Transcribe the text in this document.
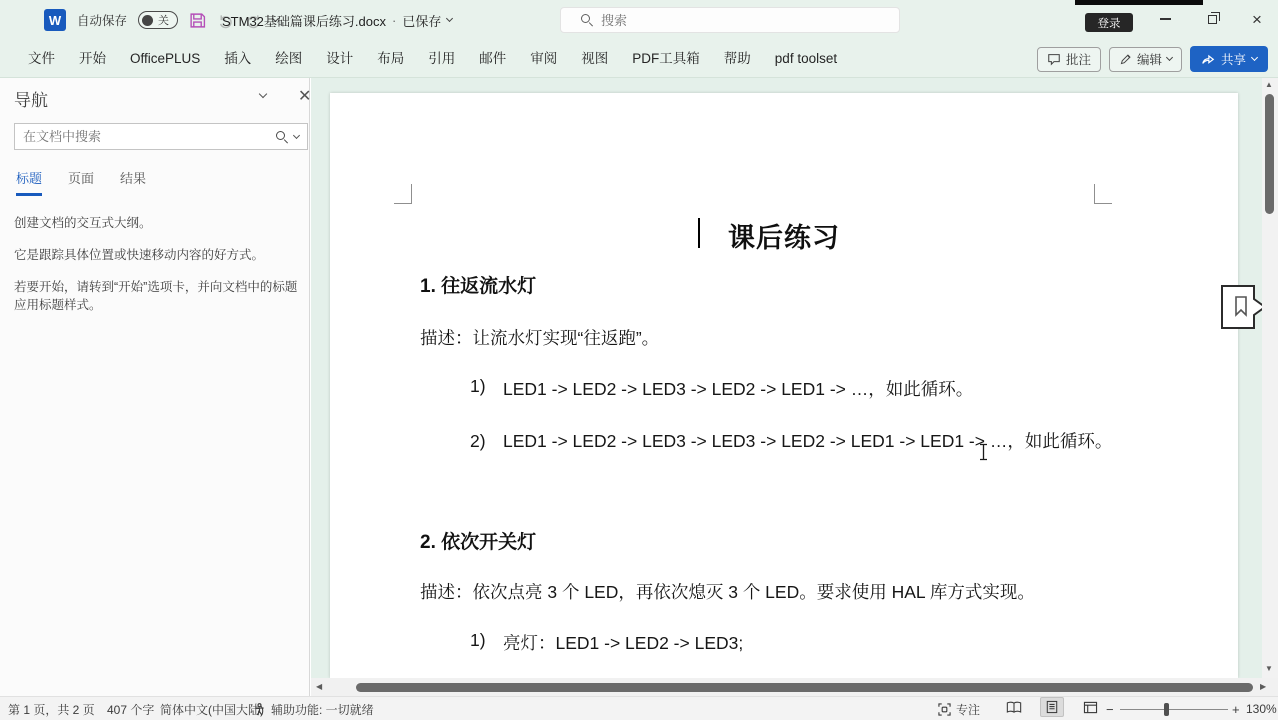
W	自动保存	关	STM32基础篇课后练习.docx · 已保存
搜索	登录	×
文件	开始	OfficePLUS	插入	绘图	设计	布局	引用	邮件	审阅	视图	PDF工具箱	帮助	pdf toolset	批注	编辑	共享
导航	✕
在文档中搜索
标题 页面 结果

创建文档的交互式大纲。

它是跟踪具体位置或快速移动内容的好方式。

若要开始，请转到“开始”选项卡，并向文档中的标题应用标题样式。

课后练习
1. 往返流水灯
描述：让流水灯实现“往返跑”。
1) LED1 -> LED2 -> LED3 -> LED2 -> LED1 -> …，如此循环。
2) LED1 -> LED2 -> LED3 -> LED3 -> LED2 -> LED1 -> LED1 -> …，如此循环。
2. 依次开关灯
描述：依次点亮 3 个 LED，再依次熄灭 3 个 LED。要求使用 HAL 库方式实现。
1) 亮灯：LED1 -> LED2 -> LED3;
▲
▼
◀	▶
第 1 页，共 2 页 407 个字 简体中文(中国大陆) 辅助功能: 一切就绪	专注	−	+ 130%
